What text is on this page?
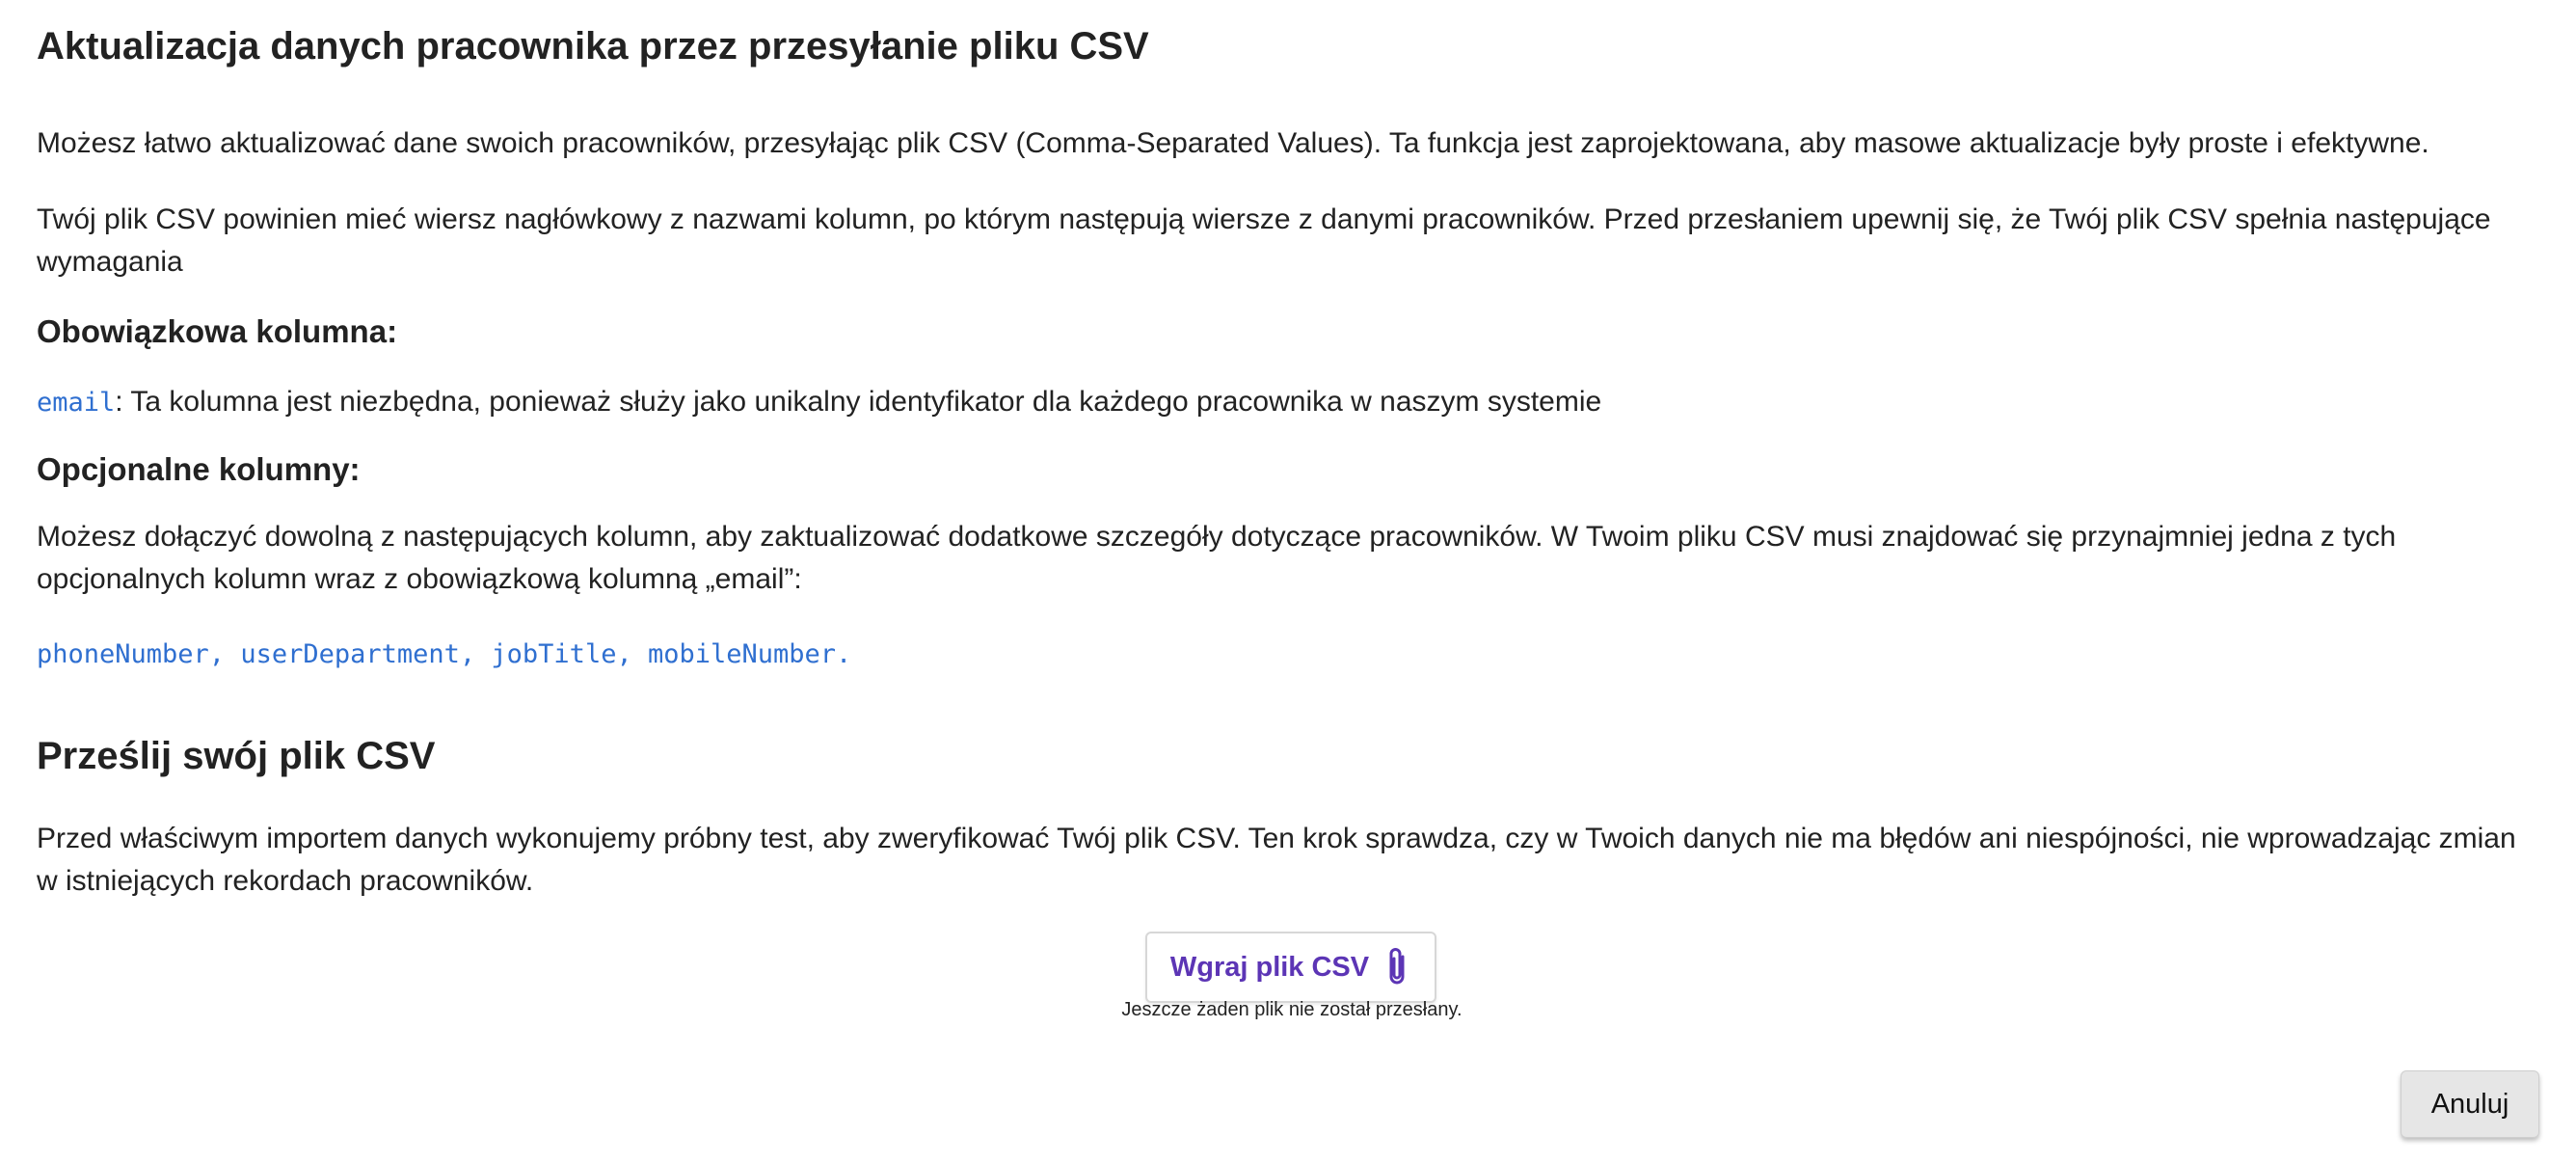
Aktualizacja danych pracownika przez przesyłanie pliku CSV

Możesz łatwo aktualizować dane swoich pracowników, przesyłając plik CSV (Comma-Separated Values). Ta funkcja jest zaprojektowana, aby masowe aktualizacje były proste i efektywne.

Twój plik CSV powinien mieć wiersz nagłówkowy z nazwami kolumn, po którym następują wiersze z danymi pracowników. Przed przesłaniem upewnij się, że Twój plik CSV spełnia następujące wymagania

Obowiązkowa kolumna:

email: Ta kolumna jest niezbędna, ponieważ służy jako unikalny identyfikator dla każdego pracownika w naszym systemie

Opcjonalne kolumny:

Możesz dołączyć dowolną z następujących kolumn, aby zaktualizować dodatkowe szczegóły dotyczące pracowników. W Twoim pliku CSV musi znajdować się przynajmniej jedna z tych opcjonalnych kolumn wraz z obowiązkową kolumną „email”:

phoneNumber, userDepartment, jobTitle, mobileNumber.

Prześlij swój plik CSV

Przed właściwym importem danych wykonujemy próbny test, aby zweryfikować Twój plik CSV. Ten krok sprawdza, czy w Twoich danych nie ma błędów ani niespójności, nie wprowadzając zmian w istniejących rekordach pracowników.

Wgraj plik CSV
Jeszcze żaden plik nie został przesłany.
Anuluj
